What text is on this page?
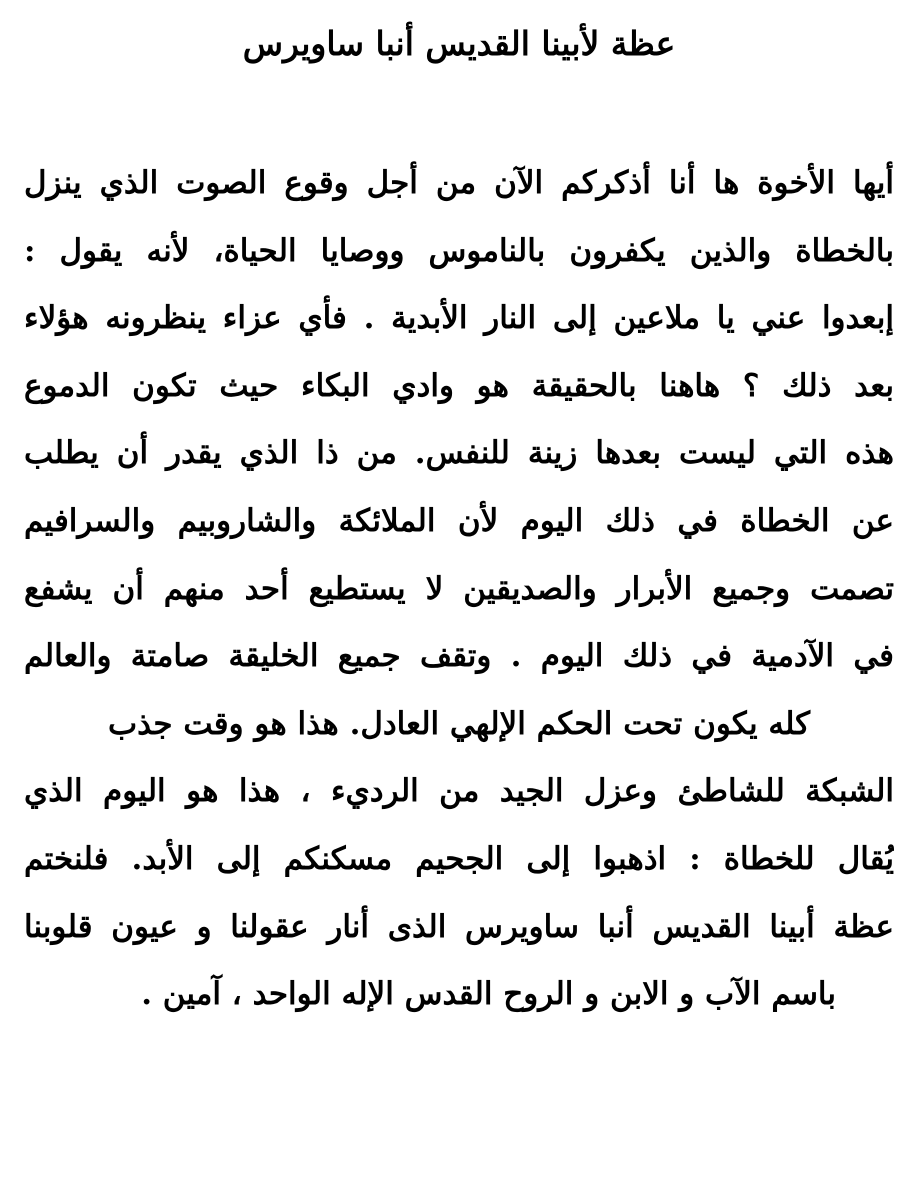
عظة لأبينا القديس أنبا ساويرس
أيها الأخوة ها أنا أذكركم الآن من أجل وقوع الصوت الذي ينزل
بالخطاة والذين يكفرون بالناموس ووصايا الحياة، لأنه يقول :
إبعدوا عني يا ملاعين إلى النار الأبدية . فأي عزاء ينظرونه هؤلاء
بعد ذلك ؟ هاهنا بالحقيقة هو وادي البكاء حيث تكون الدموع
هذه التي ليست بعدها زينة للنفس. من ذا الذي يقدر أن يطلب
عن الخطاة في ذلك اليوم لأن الملائكة والشاروبيم والسرافيم
تصمت وجميع الأبرار والصديقين لا يستطيع أحد منهم أن يشفع
في الآدمية في ذلك اليوم . وتقف جميع الخليقة صامتة والعالم
كله يكون تحت الحكم الإلهي العادل. هذا هو وقت جذب
الشبكة للشاطئ وعزل الجيد من الرديء ، هذا هو اليوم الذي
يُقال للخطاة : اذهبوا إلى الجحيم مسكنكم إلى الأبد. فلنختم
عظة أبينا القديس أنبا ساويرس الذى أنار عقولنا و عيون قلوبنا
باسم الآب و الابن و الروح القدس الإله الواحد ، آمين .
